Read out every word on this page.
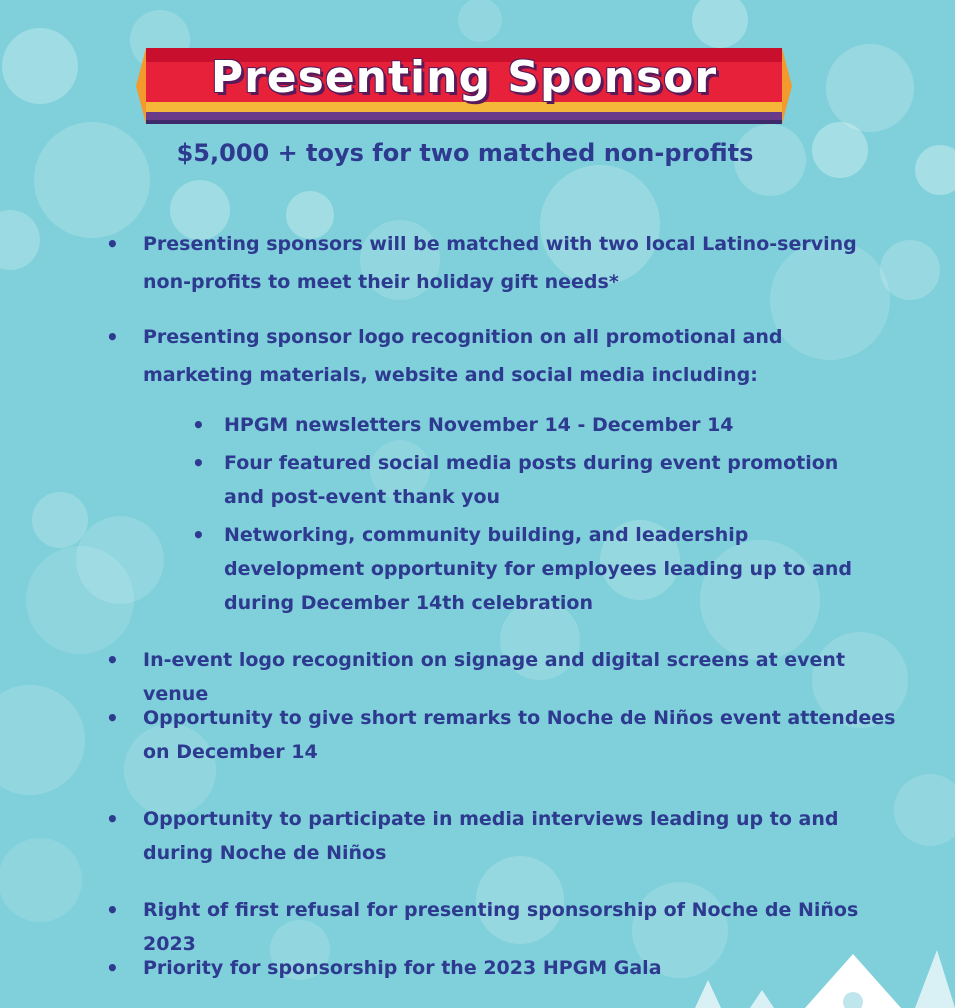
Presenting Sponsor
$5,000 + toys for two matched non-profits
• Presenting sponsors will be matched with two local Latino-serving non-profits to meet their holiday gift needs*
• Presenting sponsor logo recognition on all promotional and marketing materials, website and social media including:
• HPGM newsletters November 14 - December 14
• Four featured social media posts during event promotion and post-event thank you
• Networking, community building, and leadership development opportunity for employees leading up to and during December 14th celebration
• In-event logo recognition on signage and digital screens at event venue
• Opportunity to give short remarks to Noche de Niños event attendees on December 14
• Opportunity to participate in media interviews leading up to and during Noche de Niños
• Right of first refusal for presenting sponsorship of Noche de Niños 2023
• Priority for sponsorship for the 2023 HPGM Gala
